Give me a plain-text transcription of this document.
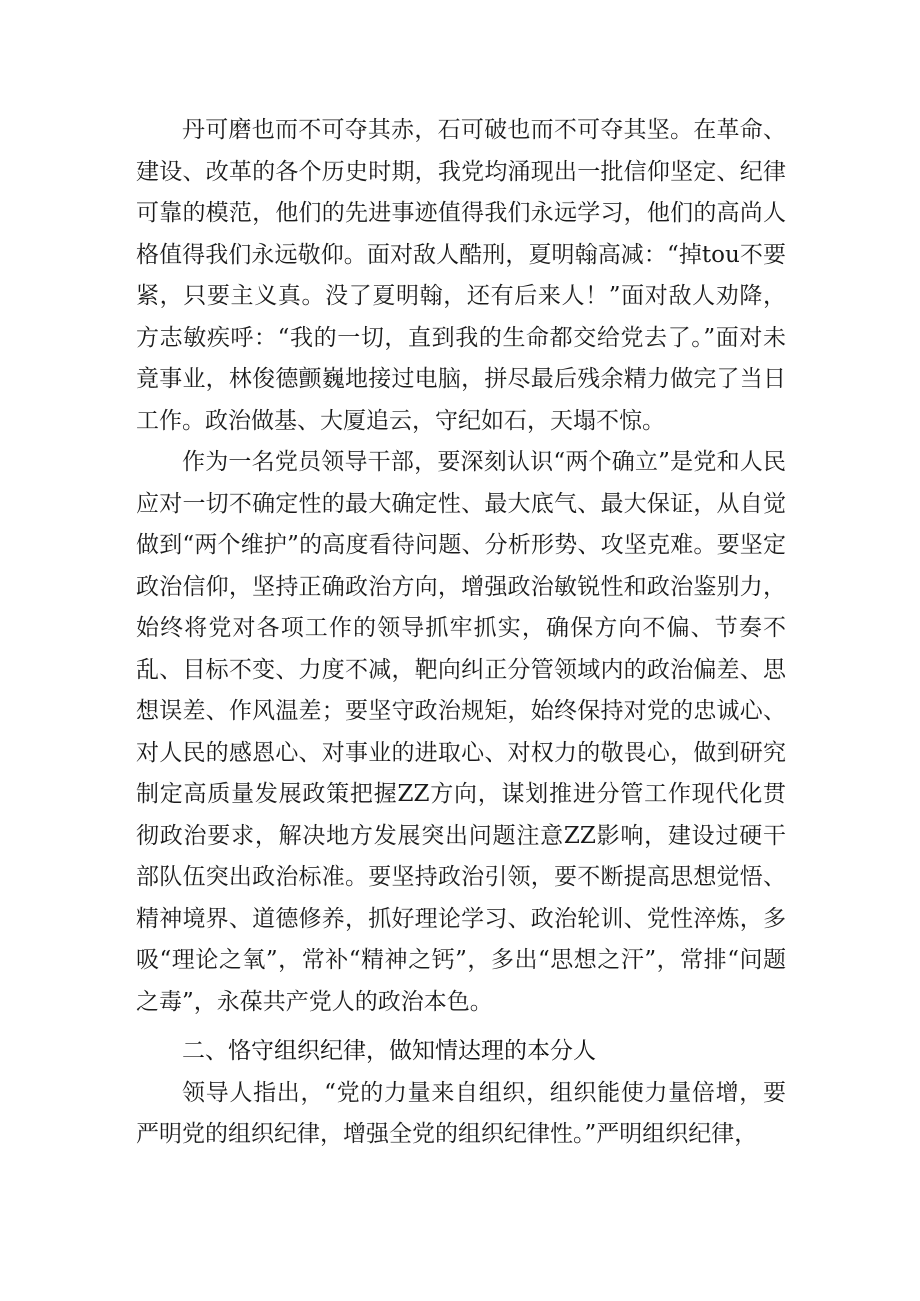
丹可磨也而不可夺其赤，石可破也而不可夺其坚。在革命、建设、改革的各个历史时期，我党均涌现出一批信仰坚定、纪律可靠的模范，他们的先进事迹值得我们永远学习，他们的高尚人格值得我们永远敬仰。面对敌人酷刑，夏明翰高减：“掉tou不要紧，只要主义真。没了夏明翰，还有后来人！”面对敌人劝降，方志敏疾呼：“我的一切，直到我的生命都交给党去了。”面对未竟事业，林俊德颤巍地接过电脑，拼尽最后残余精力做完了当日工作。政治做基、大厦追云，守纪如石，天塌不惊。

作为一名党员领导干部，要深刻认识“两个确立”是党和人民应对一切不确定性的最大确定性、最大底气、最大保证，从自觉做到“两个维护”的高度看待问题、分析形势、攻坚克难。要坚定政治信仰，坚持正确政治方向，增强政治敏锐性和政治鉴别力，始终将党对各项工作的领导抓牢抓实，确保方向不偏、节奏不乱、目标不变、力度不减，靶向纠正分管领域内的政治偏差、思想误差、作风温差；要坚守政治规矩，始终保持对党的忠诚心、对人民的感恩心、对事业的进取心、对权力的敬畏心，做到研究制定高质量发展政策把握ZZ方向，谋划推进分管工作现代化贯彻政治要求，解决地方发展突出问题注意ZZ影响，建设过硬干部队伍突出政治标准。要坚持政治引领，要不断提高思想觉悟、精神境界、道德修养，抓好理论学习、政治轮训、党性淬炼，多吸“理论之氧”，常补“精神之钙”，多出“思想之汗”，常排“问题之毒”，永葆共产党人的政治本色。

二、恪守组织纪律，做知情达理的本分人

领导人指出，“党的力量来自组织，组织能使力量倍增，要严明党的组织纪律，增强全党的组织纪律性。”严明组织纪律，
